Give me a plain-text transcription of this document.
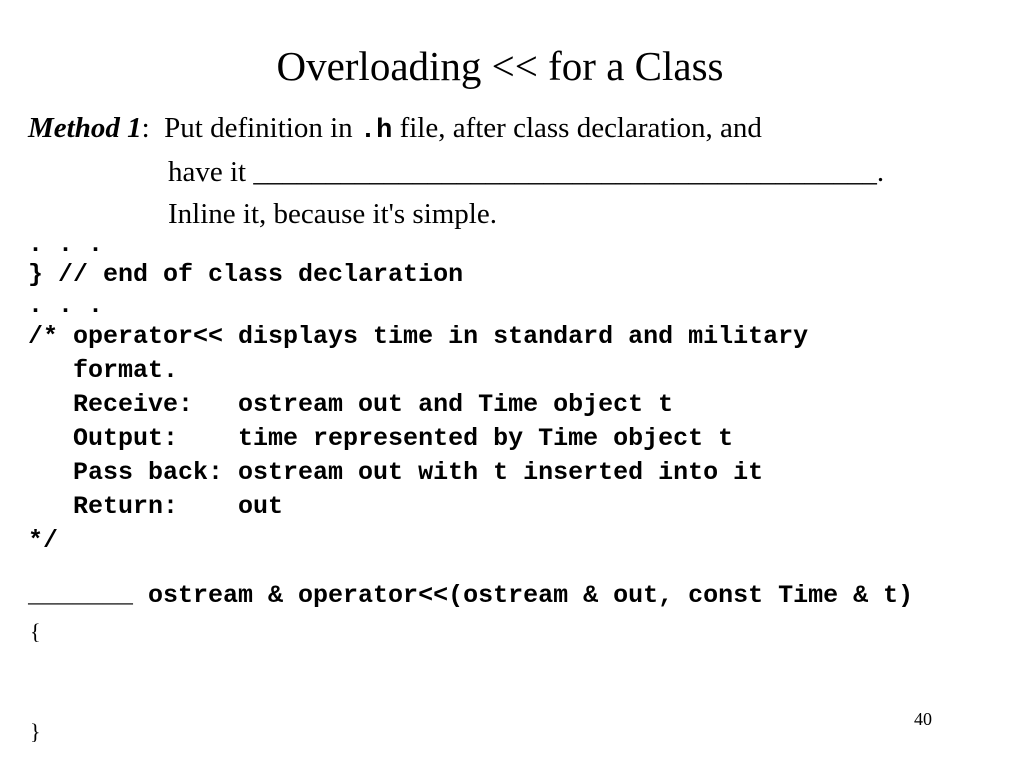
Overloading << for a Class
Method 1: Put definition in .h file, after class declaration, and
have it ___________________________________________.
Inline it, because it's simple.
. . .
} // end of class declaration
. . .
/* operator<< displays time in standard and military
format.
Receive:   ostream out and Time object t
Output:    time represented by Time object t
Pass back: ostream out with t inserted into it
Return:    out
*/
_______ ostream & operator<<(ostream & out, const Time & t)
{
}	40
